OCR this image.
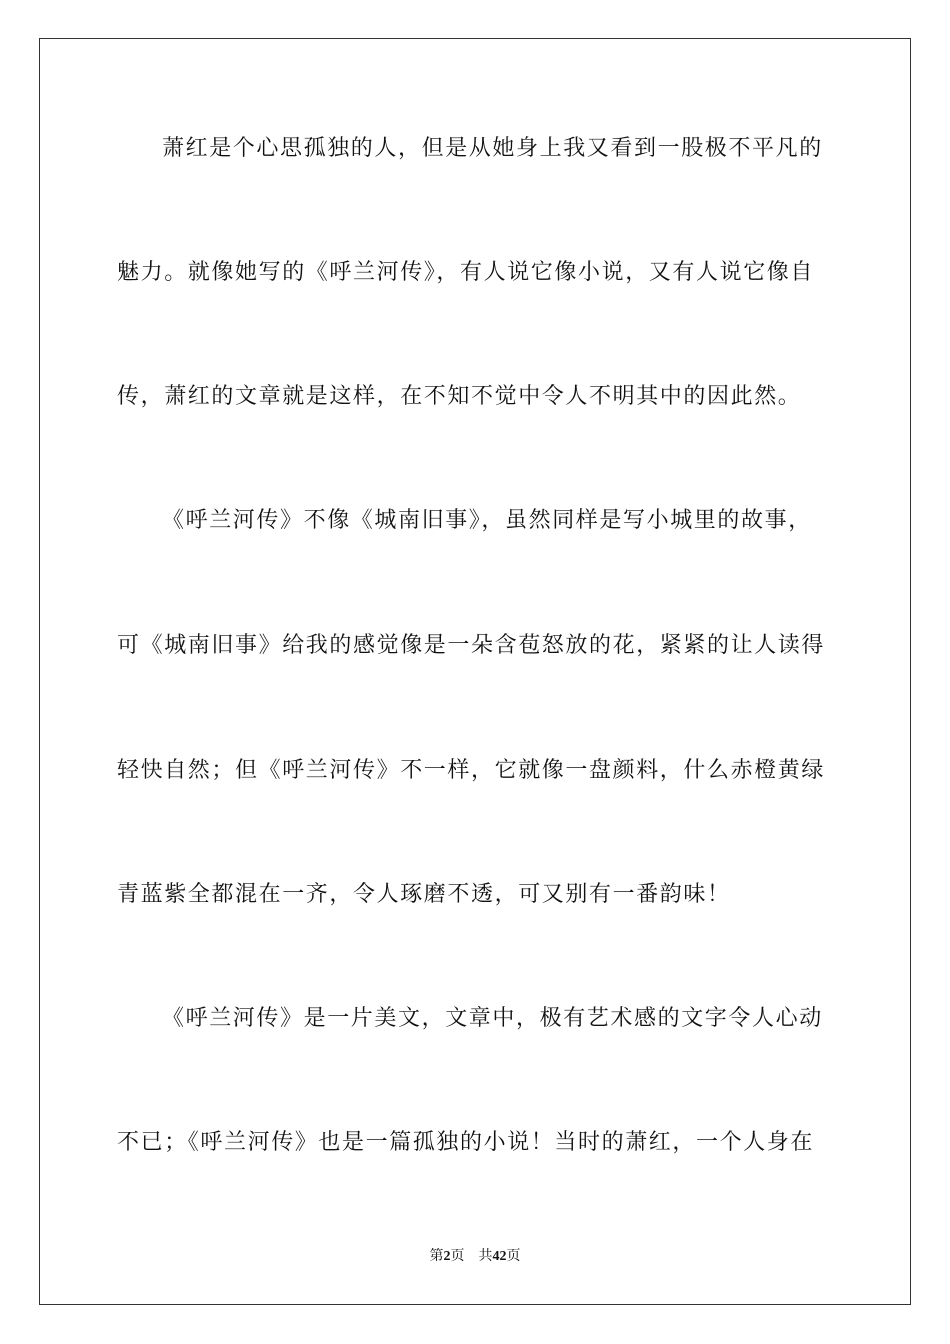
萧红是个心思孤独的人，但是从她身上我又看到一股极不平凡的
魅力。就像她写的《呼兰河传》，有人说它像小说，又有人说它像自
传，萧红的文章就是这样，在不知不觉中令人不明其中的因此然。
《呼兰河传》不像《城南旧事》，虽然同样是写小城里的故事，
可《城南旧事》给我的感觉像是一朵含苞怒放的花，紧紧的让人读得
轻快自然；但《呼兰河传》不一样，它就像一盘颜料，什么赤橙黄绿
青蓝紫全都混在一齐，令人琢磨不透，可又别有一番韵味！
《呼兰河传》是一片美文，文章中，极有艺术感的文字令人心动
不已；《呼兰河传》也是一篇孤独的小说！当时的萧红，一个人身在
第2页 共42页
